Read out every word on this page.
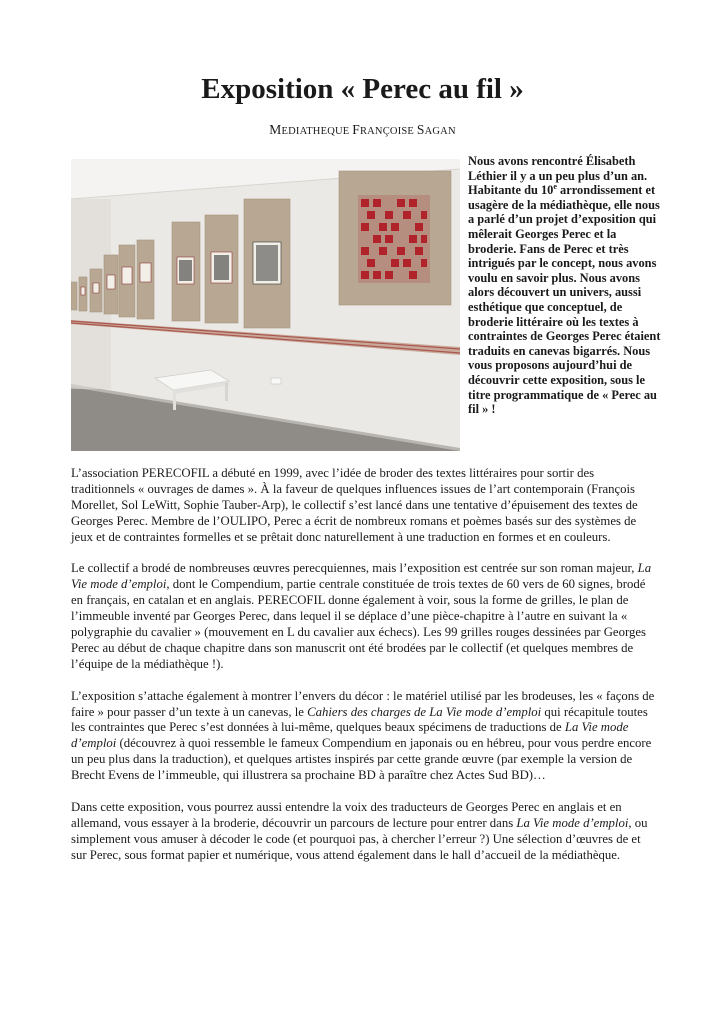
Exposition « Perec au fil »
MEDIATHEQUE FRANÇOISE SAGAN

Nous avons rencontré Élisabeth Léthier il y a un peu plus d’un an. Habitante du 10e arrondissement et usagère de la médiathèque, elle nous a parlé d’un projet d’exposition qui mêlerait Georges Perec et la broderie. Fans de Perec et très intrigués par le concept, nous avons voulu en savoir plus. Nous avons alors découvert un univers, aussi esthétique que conceptuel, de broderie littéraire où les textes à contraintes de Georges Perec étaient traduits en canevas bigarrés. Nous vous proposons aujourd’hui de découvrir cette exposition, sous le titre programmatique de « Perec au fil » !

L’association PERECOFIL a débuté en 1999, avec l’idée de broder des textes littéraires pour sortir des traditionnels « ouvrages de dames ». À la faveur de quelques influences issues de l’art contemporain (François Morellet, Sol LeWitt, Sophie Tauber-Arp), le collectif s’est lancé dans une tentative d’épuisement des textes de Georges Perec. Membre de l’OULIPO, Perec a écrit de nombreux romans et poèmes basés sur des systèmes de jeux et de contraintes formelles et se prêtait donc naturellement à une traduction en formes et en couleurs.

Le collectif a brodé de nombreuses œuvres perecquiennes, mais l’exposition est centrée sur son roman majeur, La Vie mode d’emploi, dont le Compendium, partie centrale constituée de trois textes de 60 vers de 60 signes, brodé en français, en catalan et en anglais. PERECOFIL donne également à voir, sous la forme de grilles, le plan de l’immeuble inventé par Georges Perec, dans lequel il se déplace d’une pièce-chapitre à l’autre en suivant la « polygraphie du cavalier » (mouvement en L du cavalier aux échecs). Les 99 grilles rouges dessinées par Georges Perec au début de chaque chapitre dans son manuscrit ont été brodées par le collectif (et quelques membres de l’équipe de la médiathèque !).

L’exposition s’attache également à montrer l’envers du décor : le matériel utilisé par les brodeuses, les « façons de faire » pour passer d’un texte à un canevas, le Cahiers des charges de La Vie mode d’emploi qui récapitule toutes les contraintes que Perec s’est données à lui-même, quelques beaux spécimens de traductions de La Vie mode d’emploi (découvrez à quoi ressemble le fameux Compendium en japonais ou en hébreu, pour vous perdre encore un peu plus dans la traduction), et quelques artistes inspirés par cette grande œuvre (par exemple la version de Brecht Evens de l’immeuble, qui illustrera sa prochaine BD à paraître chez Actes Sud BD)…

Dans cette exposition, vous pourrez aussi entendre la voix des traducteurs de Georges Perec en anglais et en allemand, vous essayer à la broderie, découvrir un parcours de lecture pour entrer dans La Vie mode d’emploi, ou simplement vous amuser à décoder le code (et pourquoi pas, à chercher l’erreur ?) Une sélection d’œuvres de et sur Perec, sous format papier et numérique, vous attend également dans le hall d’accueil de la médiathèque.
